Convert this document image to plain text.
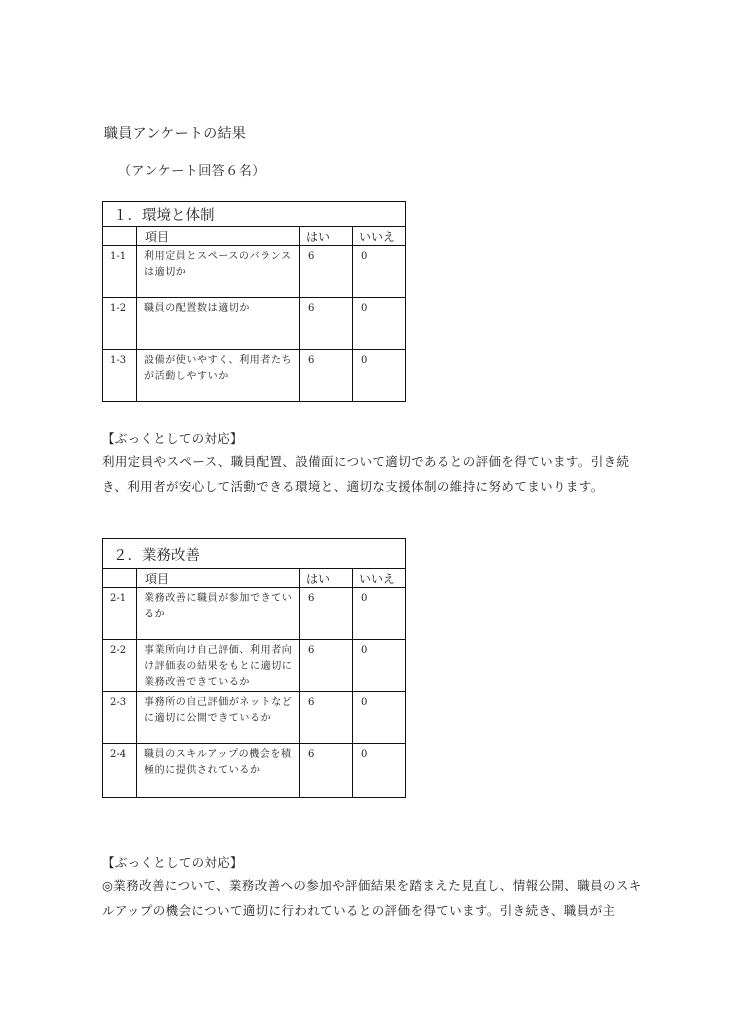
職員アンケートの結果
（アンケート回答６名）
１．環境と体制			
	項目	はい	いいえ
1-1	利用定員とスペースのバランスは適切か	6	0
1-2	職員の配置数は適切か	6	0
1-3	設備が使いやすく、利用者たちが活動しやすいか	6	0
【ぶっくとしての対応】
利用定員やスペース、職員配置、設備面について適切であるとの評価を得ています。引き続き、利用者が安心して活動できる環境と、適切な支援体制の維持に努めてまいります。
２．業務改善			
	項目	はい	いいえ
2-1	業務改善に職員が参加できているか	6	0
2-2	事業所向け自己評価、利用者向け評価表の結果をもとに適切に業務改善できているか	6	0
2-3	事務所の自己評価がネットなどに適切に公開できているか	6	0
2-4	職員のスキルアップの機会を積極的に提供されているか	6	0
【ぶっくとしての対応】
◎業務改善について、業務改善への参加や評価結果を踏まえた見直し、情報公開、職員のスキルアップの機会について適切に行われているとの評価を得ています。引き続き、職員が主
